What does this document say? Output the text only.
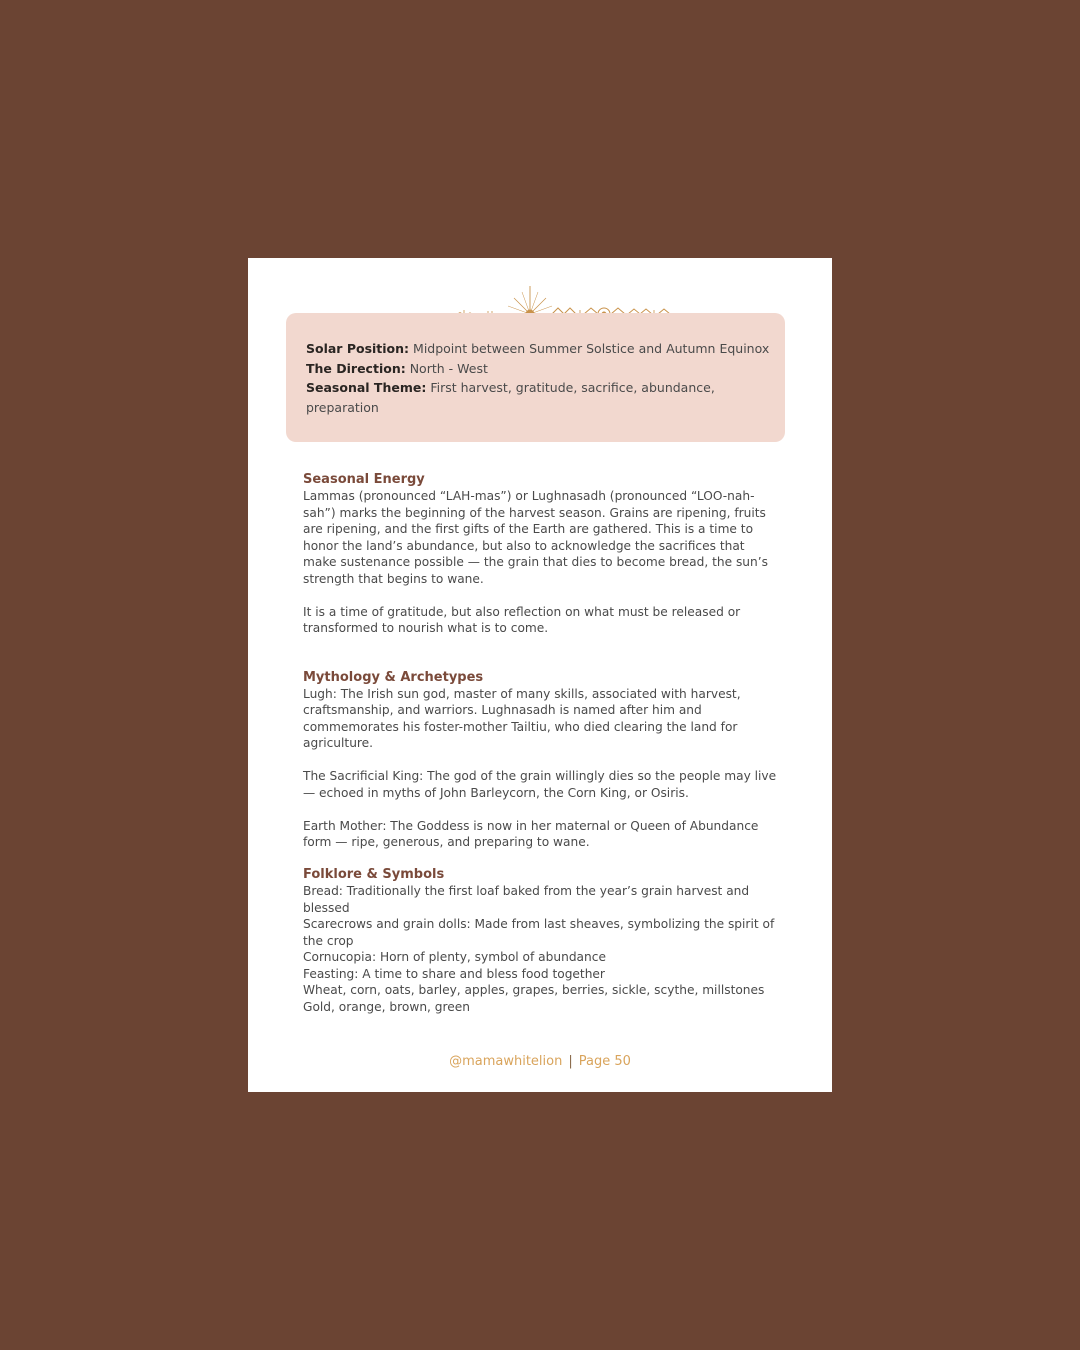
Solar Position: Midpoint between Summer Solstice and Autumn Equinox

The Direction: North - West

Seasonal Theme: First harvest, gratitude, sacrifice, abundance, preparation

Seasonal Energy

Lammas (pronounced “LAH-mas”) or Lughnasadh (pronounced “LOO-nah-sah”) marks the beginning of the harvest season. Grains are ripening, fruits are ripening, and the first gifts of the Earth are gathered. This is a time to honor the land’s abundance, but also to acknowledge the sacrifices that make sustenance possible — the grain that dies to become bread, the sun’s strength that begins to wane.

It is a time of gratitude, but also reflection on what must be released or transformed to nourish what is to come.

Mythology & Archetypes

Lugh: The Irish sun god, master of many skills, associated with harvest, craftsmanship, and warriors. Lughnasadh is named after him and commemorates his foster-mother Tailtiu, who died clearing the land for agriculture.

The Sacrificial King: The god of the grain willingly dies so the people may live — echoed in myths of John Barleycorn, the Corn King, or Osiris.

Earth Mother: The Goddess is now in her maternal or Queen of Abundance form — ripe, generous, and preparing to wane.

Folklore & Symbols

Bread: Traditionally the first loaf baked from the year’s grain harvest and blessed

Scarecrows and grain dolls: Made from last sheaves, symbolizing the spirit of the crop

Cornucopia: Horn of plenty, symbol of abundance

Feasting: A time to share and bless food together

Wheat, corn, oats, barley, apples, grapes, berries, sickle, scythe, millstones

Gold, orange, brown, green

@mamawhitelion | Page 50
